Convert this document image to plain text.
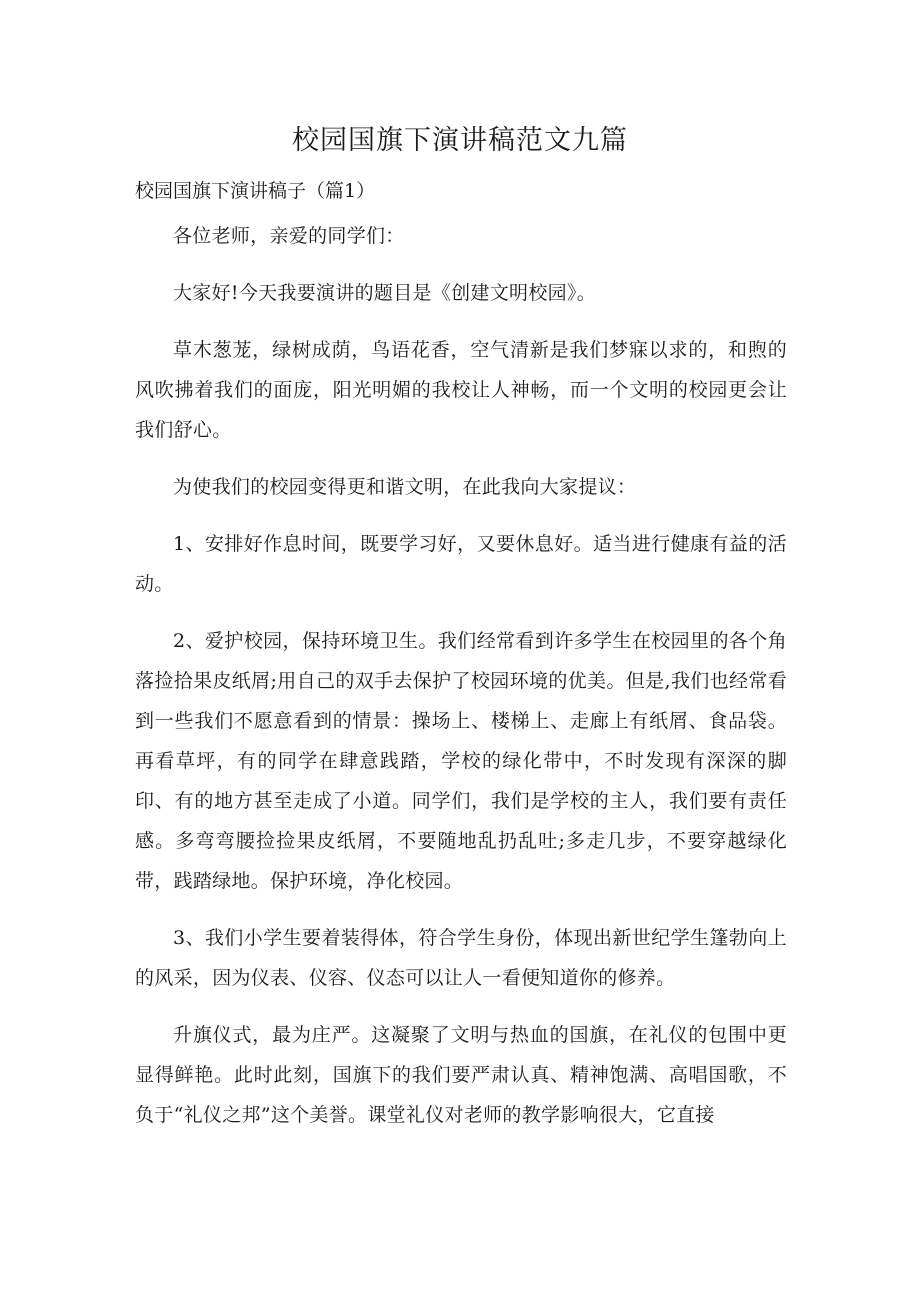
校园国旗下演讲稿范文九篇

校园国旗下演讲稿子（篇1）

各位老师，亲爱的同学们：

大家好!今天我要演讲的题目是《创建文明校园》。

草木葱茏，绿树成荫，鸟语花香，空气清新是我们梦寐以求的，和煦的风吹拂着我们的面庞，阳光明媚的我校让人神畅，而一个文明的校园更会让我们舒心。

为使我们的校园变得更和谐文明，在此我向大家提议：

1、安排好作息时间，既要学习好，又要休息好。适当进行健康有益的活动。

2、爱护校园，保持环境卫生。我们经常看到许多学生在校园里的各个角落捡拾果皮纸屑;用自己的双手去保护了校园环境的优美。但是,我们也经常看到一些我们不愿意看到的情景：操场上、楼梯上、走廊上有纸屑、食品袋。再看草坪，有的同学在肆意践踏，学校的绿化带中，不时发现有深深的脚印、有的地方甚至走成了小道。同学们，我们是学校的主人，我们要有责任感。多弯弯腰捡捡果皮纸屑，不要随地乱扔乱吐;多走几步，不要穿越绿化带，践踏绿地。保护环境，净化校园。

3、我们小学生要着装得体，符合学生身份，体现出新世纪学生篷勃向上的风采，因为仪表、仪容、仪态可以让人一看便知道你的修养。

升旗仪式，最为庄严。这凝聚了文明与热血的国旗，在礼仪的包围中更显得鲜艳。此时此刻，国旗下的我们要严肃认真、精神饱满、高唱国歌，不负于“礼仪之邦”这个美誉。课堂礼仪对老师的教学影响很大，它直接
